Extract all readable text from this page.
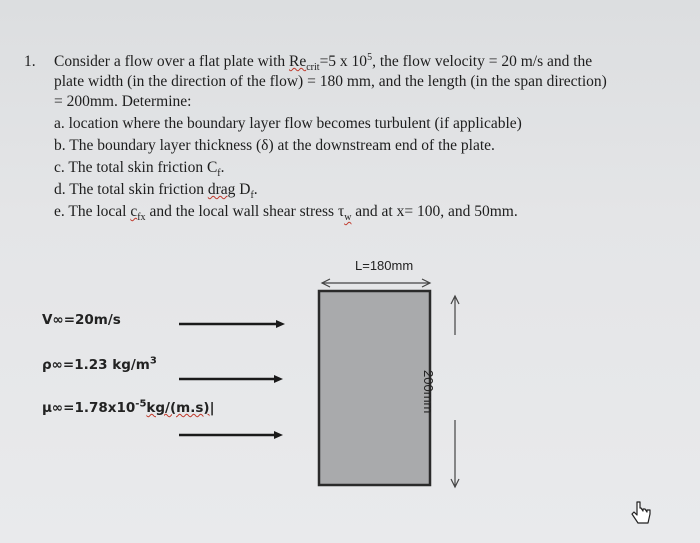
1. Consider a flow over a flat plate with $Re_{crit}=5$ x $10^5$, the flow velocity = 20 m/s and the
plate width (in the direction of the flow) = 180 mm, and the length (in the span direction)
= 200mm. Determine:
a. location where the boundary layer flow becomes turbulent (if applicable)
b. The boundary layer thickness (δ) at the downstream end of the plate.
c. The total skin friction $C_f$.
d. The total skin friction drag $D_f$.
e. The local $c_{fx}$ and the local wall shear stress $\tau_w$ and at x= 100, and 50mm.
L=180mm
200mm
V∞=20m/s
ρ∞=1.23 $kg/m^3$
$\mu\infty=1.78x10^{-5}kg/(m.s)|$
